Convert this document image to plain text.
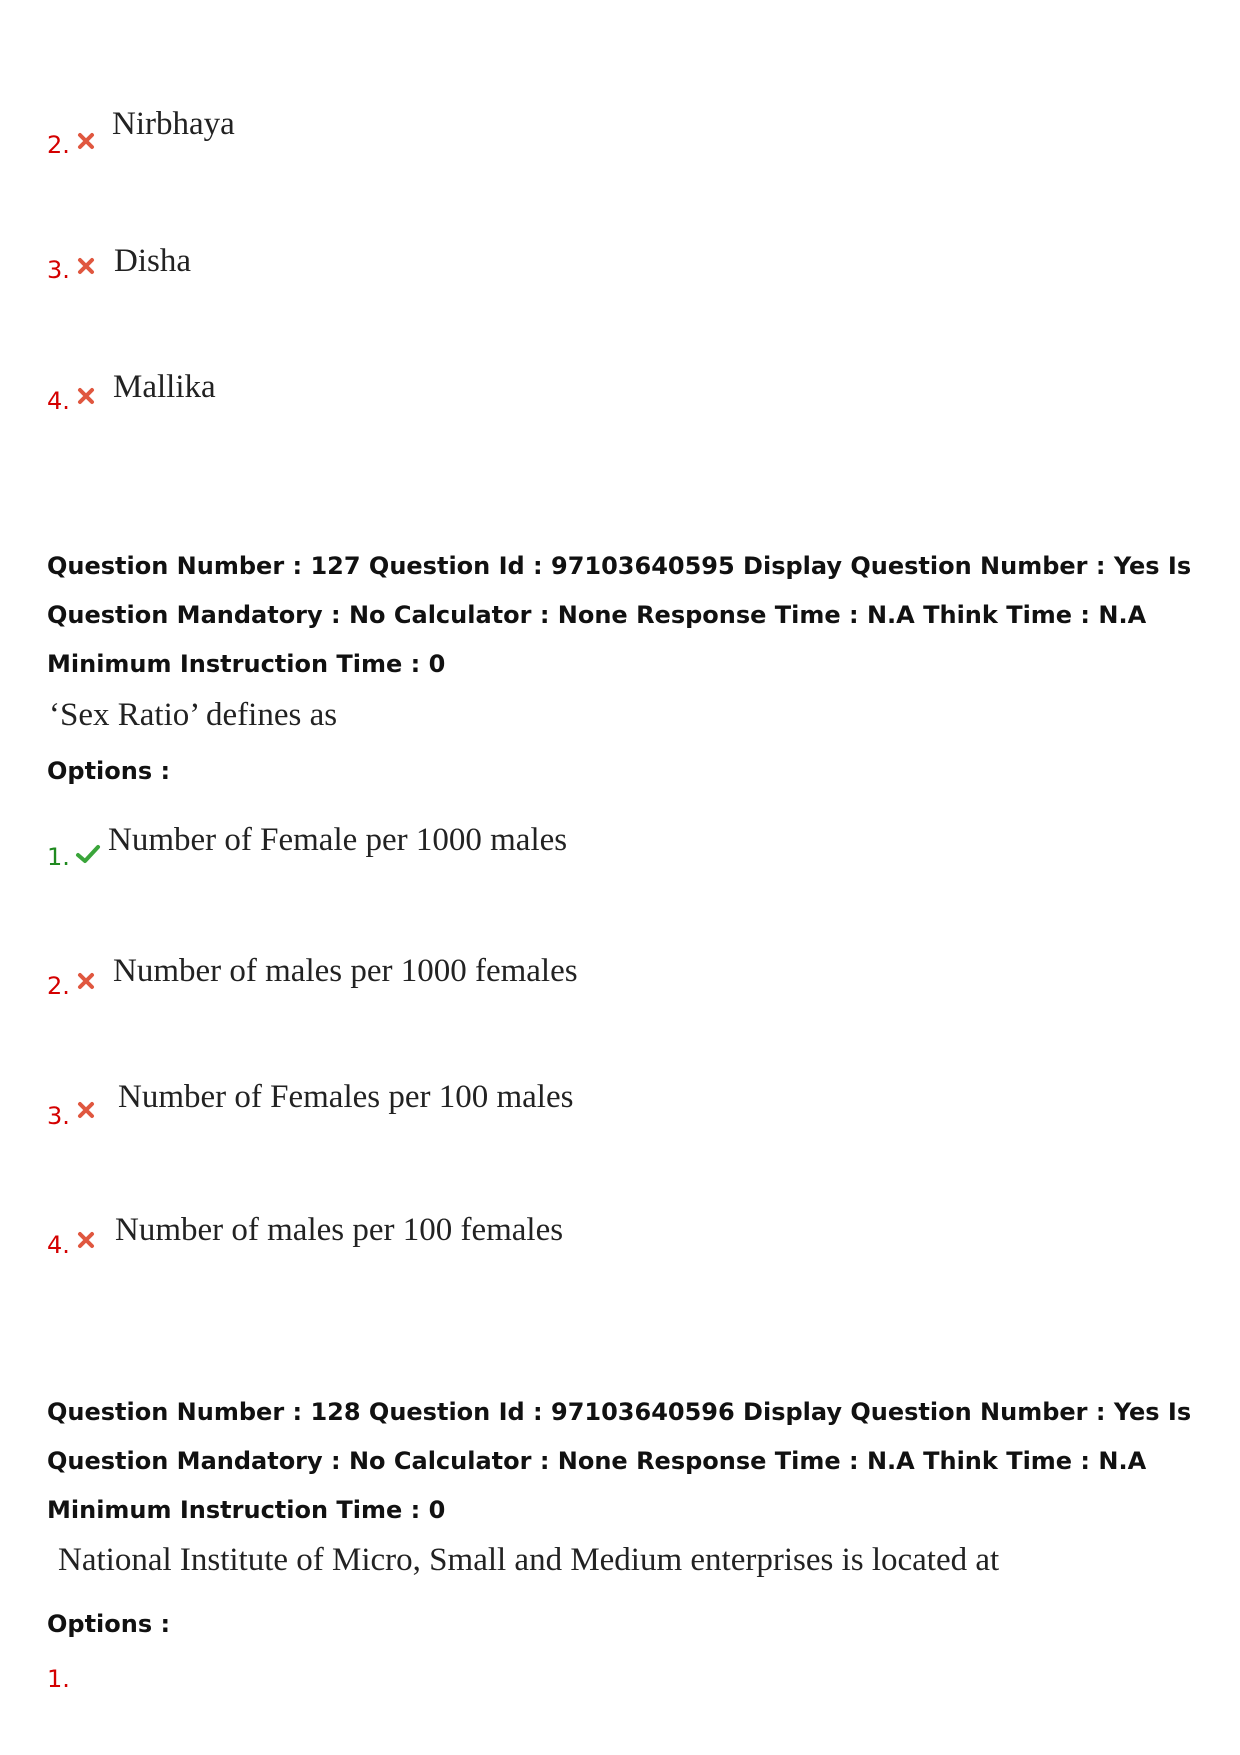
2.
Nirbhaya
3. Disha
4. Mallika
Question Number : 127 Question Id : 97103640595 Display Question Number : Yes Is Question Mandatory : No Calculator : None Response Time : N.A Think Time : N.A Minimum Instruction Time : 0
‘Sex Ratio’ defines as
Options :
1. Number of Female per 1000 males
2. Number of males per 1000 females
3.
Number of Females per 100 males
4. Number of males per 100 females
Question Number : 128 Question Id : 97103640596 Display Question Number : Yes Is Question Mandatory : No Calculator : None Response Time : N.A Think Time : N.A Minimum Instruction Time : 0
National Institute of Micro, Small and Medium enterprises is located at
Options :
1.
